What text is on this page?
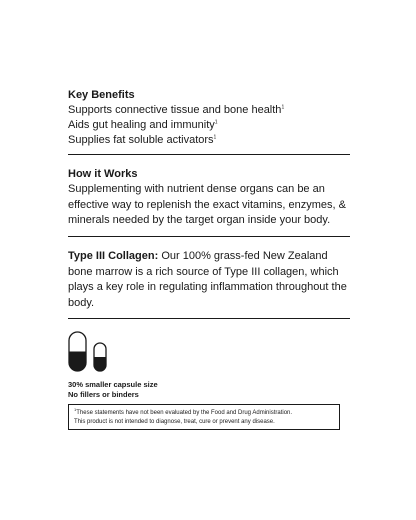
Key Benefits
Supports connective tissue and bone health$^1$
Aids gut healing and immunity$^1$
Supplies fat soluble activators$^1$
How it Works
Supplementing with nutrient dense organs can be an effective way to replenish the exact vitamins, enzymes, & minerals needed by the target organ inside your body.
Type III Collagen: Our 100% grass-fed New Zealand bone marrow is a rich source of Type III collagen, which plays a key role in regulating inflammation throughout the body.
30% smaller capsule size
No fillers or binders
$^1$These statements have not been evaluated by the Food and Drug Administration.
This product is not intended to diagnose, treat, cure or prevent any disease.
